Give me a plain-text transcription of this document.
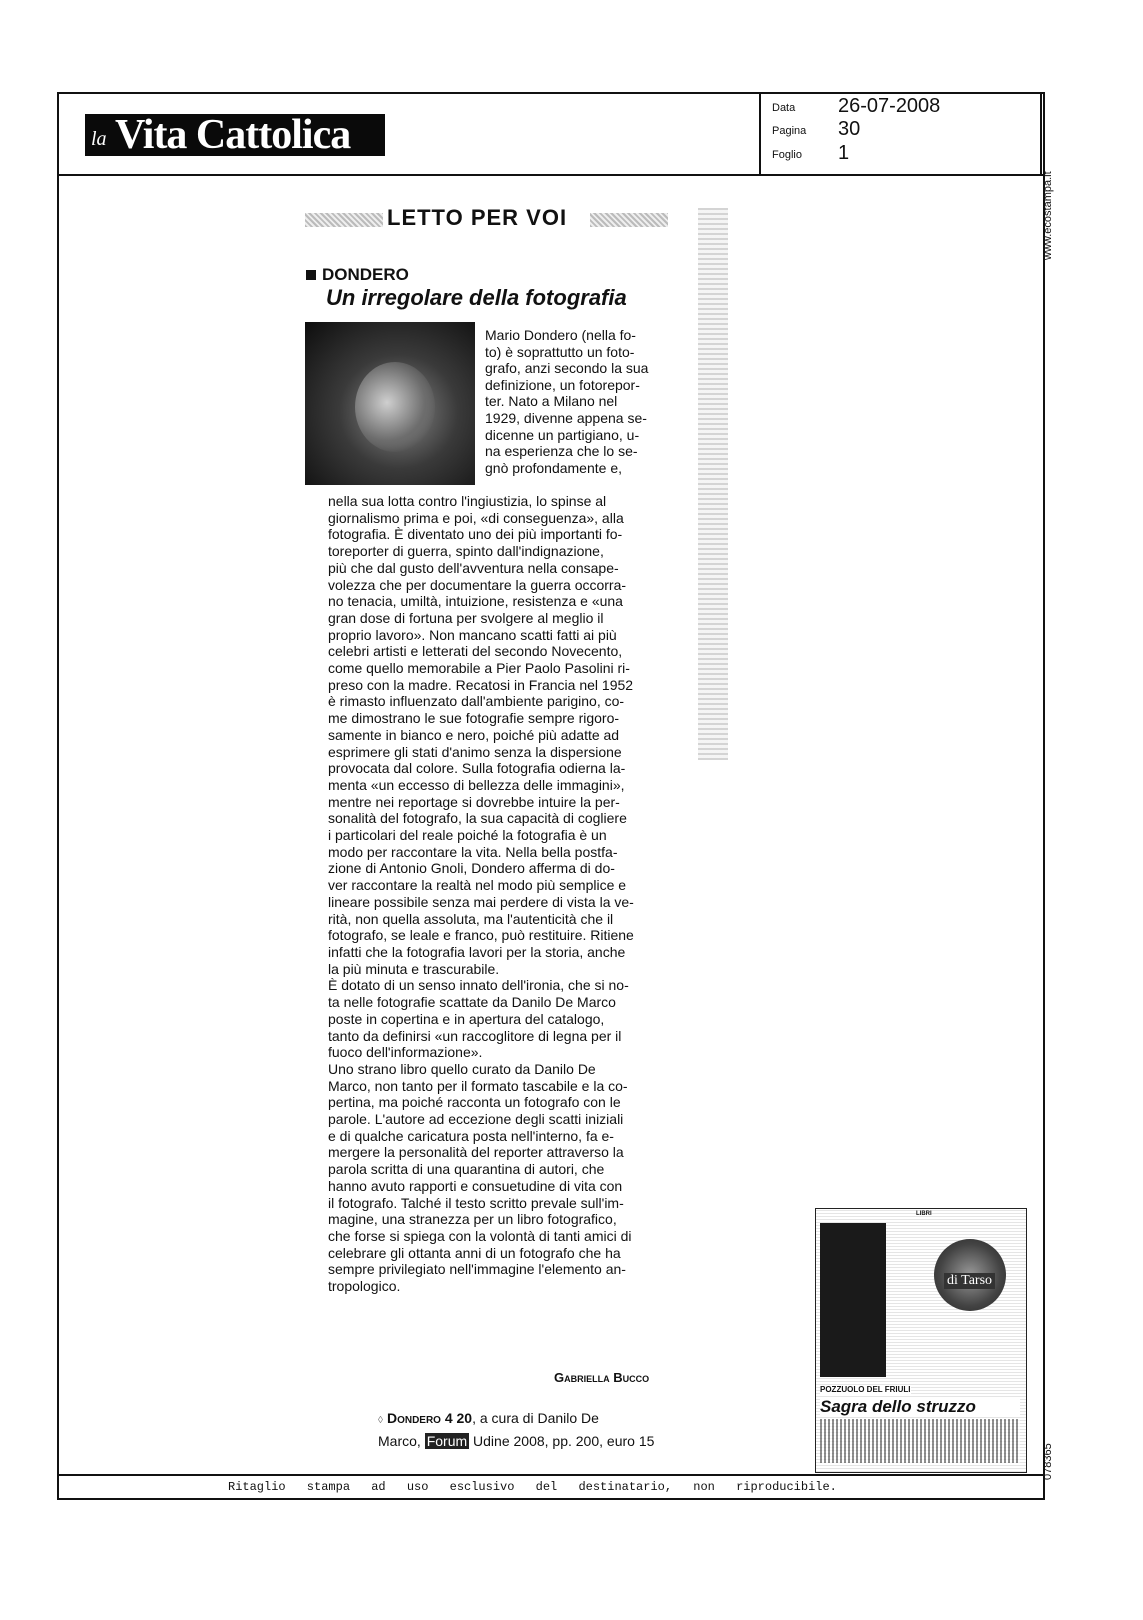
la Vita Cattolica
Data 26-07-2008
Pagina 30
Foglio 1
Ritaglio stampa ad uso esclusivo del destinatario, non riproducibile.
www.ecostampa.it
078365
LETTO PER VOI
DONDERO
Un irregolare della fotografia
Mario Dondero (nella fo-
to) è soprattutto un foto-
grafo, anzi secondo la sua
definizione, un fotorepor-
ter. Nato a Milano nel
1929, divenne appena se-
dicenne un partigiano, u-
na esperienza che lo se-
gnò profondamente e,
nella sua lotta contro l'ingiustizia, lo spinse al
giornalismo prima e poi, «di conseguenza», alla
fotografia. È diventato uno dei più importanti fo-
toreporter di guerra, spinto dall'indignazione,
più che dal gusto dell'avventura nella consape-
volezza che per documentare la guerra occorra-
no tenacia, umiltà, intuizione, resistenza e «una
gran dose di fortuna per svolgere al meglio il
proprio lavoro». Non mancano scatti fatti ai più
celebri artisti e letterati del secondo Novecento,
come quello memorabile a Pier Paolo Pasolini ri-
preso con la madre. Recatosi in Francia nel 1952
è rimasto influenzato dall'ambiente parigino, co-
me dimostrano le sue fotografie sempre rigoro-
samente in bianco e nero, poiché più adatte ad
esprimere gli stati d'animo senza la dispersione
provocata dal colore. Sulla fotografia odierna la-
menta «un eccesso di bellezza delle immagini»,
mentre nei reportage si dovrebbe intuire la per-
sonalità del fotografo, la sua capacità di cogliere
i particolari del reale poiché la fotografia è un
modo per raccontare la vita. Nella bella postfa-
zione di Antonio Gnoli, Dondero afferma di do-
ver raccontare la realtà nel modo più semplice e
lineare possibile senza mai perdere di vista la ve-
rità, non quella assoluta, ma l'autenticità che il
fotografo, se leale e franco, può restituire. Ritiene
infatti che la fotografia lavori per la storia, anche
la più minuta e trascurabile.
È dotato di un senso innato dell'ironia, che si no-
ta nelle fotografie scattate da Danilo De Marco
poste in copertina e in apertura del catalogo,
tanto da definirsi «un raccoglitore di legna per il
fuoco dell'informazione».
Uno strano libro quello curato da Danilo De
Marco, non tanto per il formato tascabile e la co-
pertina, ma poiché racconta un fotografo con le
parole. L'autore ad eccezione degli scatti iniziali
e di qualche caricatura posta nell'interno, fa e-
mergere la personalità del reporter attraverso la
parola scritta di una quarantina di autori, che
hanno avuto rapporti e consuetudine di vita con
il fotografo. Talché il testo scritto prevale sull'im-
magine, una stranezza per un libro fotografico,
che forse si spiega con la volontà di tanti amici di
celebrare gli ottanta anni di un fotografo che ha
sempre privilegiato nell'immagine l'elemento an-
tropologico.
Gabriella Bucco
◊ Dondero 4 20, a cura di Danilo De
Marco, Forum Udine 2008, pp. 200, euro 15
LIBRI
di Tarso
POZZUOLO DEL FRIULI
Sagra dello struzzo
